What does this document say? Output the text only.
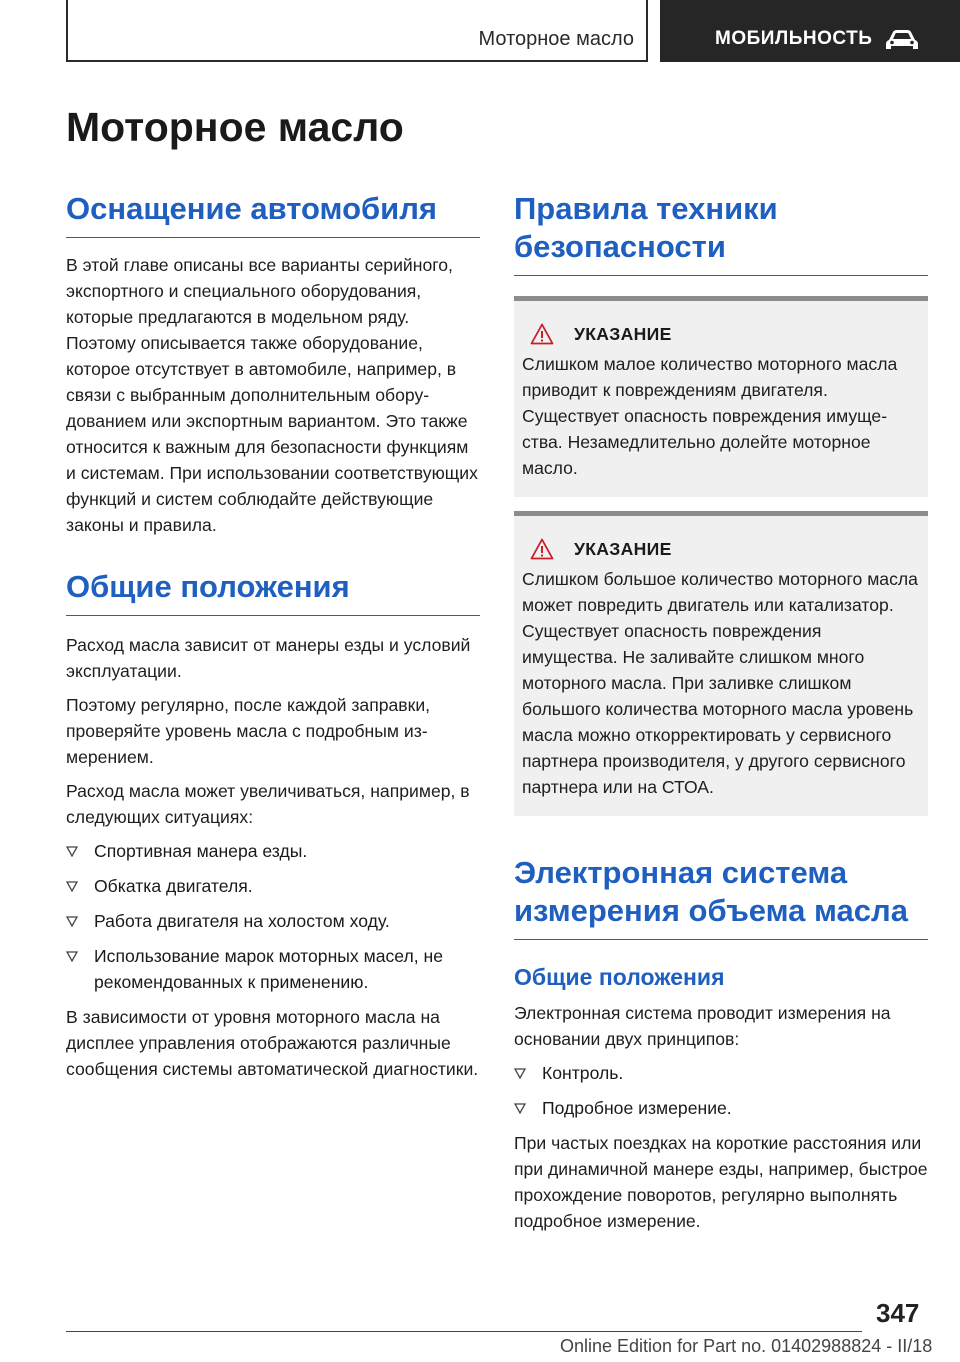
Моторное масло	МОБИЛЬНОСТЬ
Моторное масло
Оснащение автомобиля

В этой главе описаны все варианты серийного, экспортного и специального оборудования, которые предлагаются в модельном ряду. Поэтому описывается также оборудование, которое отсутствует в автомобиле, например, в связи с выбранным дополнительным оборудованием или экспортным вариантом. Это также относится к важным для безопасности функциям и системам. При использовании соответствующих функций и систем соблюдайте действующие законы и правила.

Общие положения

Расход масла зависит от манеры езды и условий эксплуатации.

Поэтому регулярно, после каждой заправки, проверяйте уровень масла с подробным измерением.

Расход масла может увеличиваться, например, в следующих ситуациях:

Спортивная манера езды.
Обкатка двигателя.
Работа двигателя на холостом ходу.
Использование марок моторных масел, не рекомендованных к применению.

В зависимости от уровня моторного масла на дисплее управления отображаются различные сообщения системы автоматической диагностики.

Правила техники безопасности
УКАЗАНИЕ

Слишком малое количество моторного масла приводит к повреждениям двигателя. Существует опасность повреждения имущества. Незамедлительно долейте моторное масло.

УКАЗАНИЕ

Слишком большое количество моторного масла может повредить двигатель или катализатор. Существует опасность повреждения имущества. Не заливайте слишком много моторного масла. При заливке слишком большого количества моторного масла уровень масла можно откорректировать у сервисного партнера производителя, у другого сервисного партнера или на СТОА.

Электронная система измерения объема масла
Общие положения

Электронная система проводит измерения на основании двух принципов:

Контроль.
Подробное измерение.

При частых поездках на короткие расстояния или при динамичной манере езды, например, быстрое прохождение поворотов, регулярно выполнять подробное измерение.

347
Online Edition for Part no. 01402988824 - II/18
